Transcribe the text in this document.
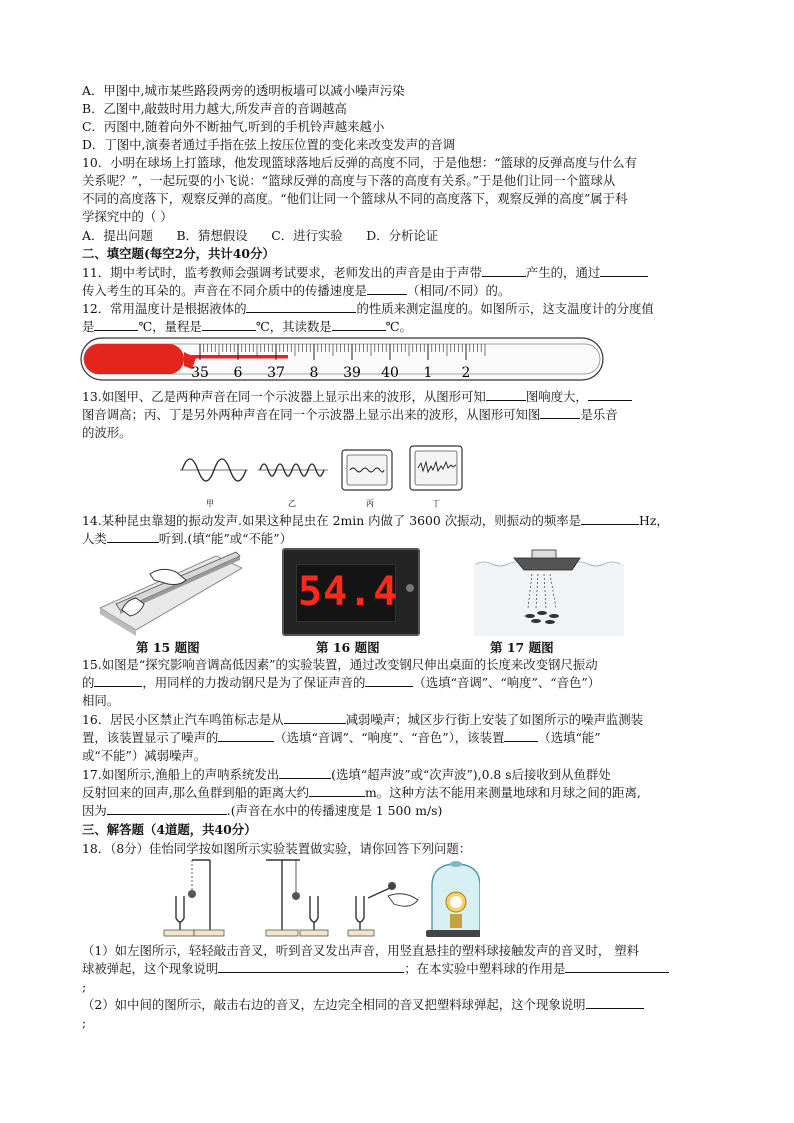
A．甲图中,城市某些路段两旁的透明板墙可以减小噪声污染
B．乙图中,敲鼓时用力越大,所发声音的音调越高
C．丙图中,随着向外不断抽气,听到的手机铃声越来越小
D．丁图中,演奏者通过手指在弦上按压位置的变化来改变发声的音调
10．小明在球场上打篮球，他发现篮球落地后反弹的高度不同，于是他想：“篮球的反弹高度与什么有
关系呢？”，一起玩耍的小飞说：“篮球反弹的高度与下落的高度有关系。”于是他们让同一个篮球从
不同的高度落下，观察反弹的高度。“他们让同一个篮球从不同的高度落下，观察反弹的高度”属于科
学探究中的（ ）
A．提出问题      B．猜想假设      C．进行实验      D．分析论证
二、填空题(每空2分，共计40分）
11．期中考试时，监考教师会强调考试要求，老师发出的声音是由于声带	产生的，通过
传入考生的耳朵的。声音在不同介质中的传播速度是	（相同/不同）的。
12．常用温度计是根据液体的	的性质来测定温度的。如图所示，这支温度计的分度值
是	℃，量程是	℃，其读数是	℃。
35 6 37 8 39 40 1 2
13.如图甲、乙是两种声音在同一个示波器上显示出来的波形，从图形可知	图响度大，
图音调高；丙、丁是另外两种声音在同一个示波器上显示出来的波形，从图形可知图	是乐音
的波形。
甲	乙	丙	丁
14.某种昆虫靠翅的振动发声.如果这种昆虫在 2min 内做了 3600 次振动，则振动的频率是	Hz，
人类	听到.(填“能”或“不能”）
54.4
第 15 题图	第 16 题图	第 17 题图
15.如图是“探究影响音调高低因素”的实验装置，通过改变钢尺伸出桌面的长度来改变钢尺振动
的	，用同样的力拨动钢尺是为了保证声音的	（选填“音调”、“响度”、“音色”）
相同。
16．居民小区禁止汽车鸣笛标志是从	减弱噪声；城区步行街上安装了如图所示的噪声监测装
置，该装置显示了噪声的	（选填“音调”、“响度”、“音色”），该装置	（选填“能”
或“不能”）减弱噪声。
17.如图所示,渔船上的声呐系统发出	(选填“超声波”或“次声波”),0.8 s后接收到从鱼群处
反射回来的回声,那么鱼群到船的距离大约	m。这种方法不能用来测量地球和月球之间的距离,
因为	.(声音在水中的传播速度是 1 500 m/s)
三、解答题（4道题，共40分）
18．（8分）佳怡同学按如图所示实验装置做实验，请你回答下列问题：
（1）如左图所示，轻轻敲击音叉，听到音叉发出声音，用竖直悬挂的塑料球接触发声的音叉时， 塑料
球被弹起，这个现象说明	；在本实验中塑料球的作用是
;
（2）如中间的图所示，敲击右边的音叉，左边完全相同的音叉把塑料球弹起，这个现象说明
;
